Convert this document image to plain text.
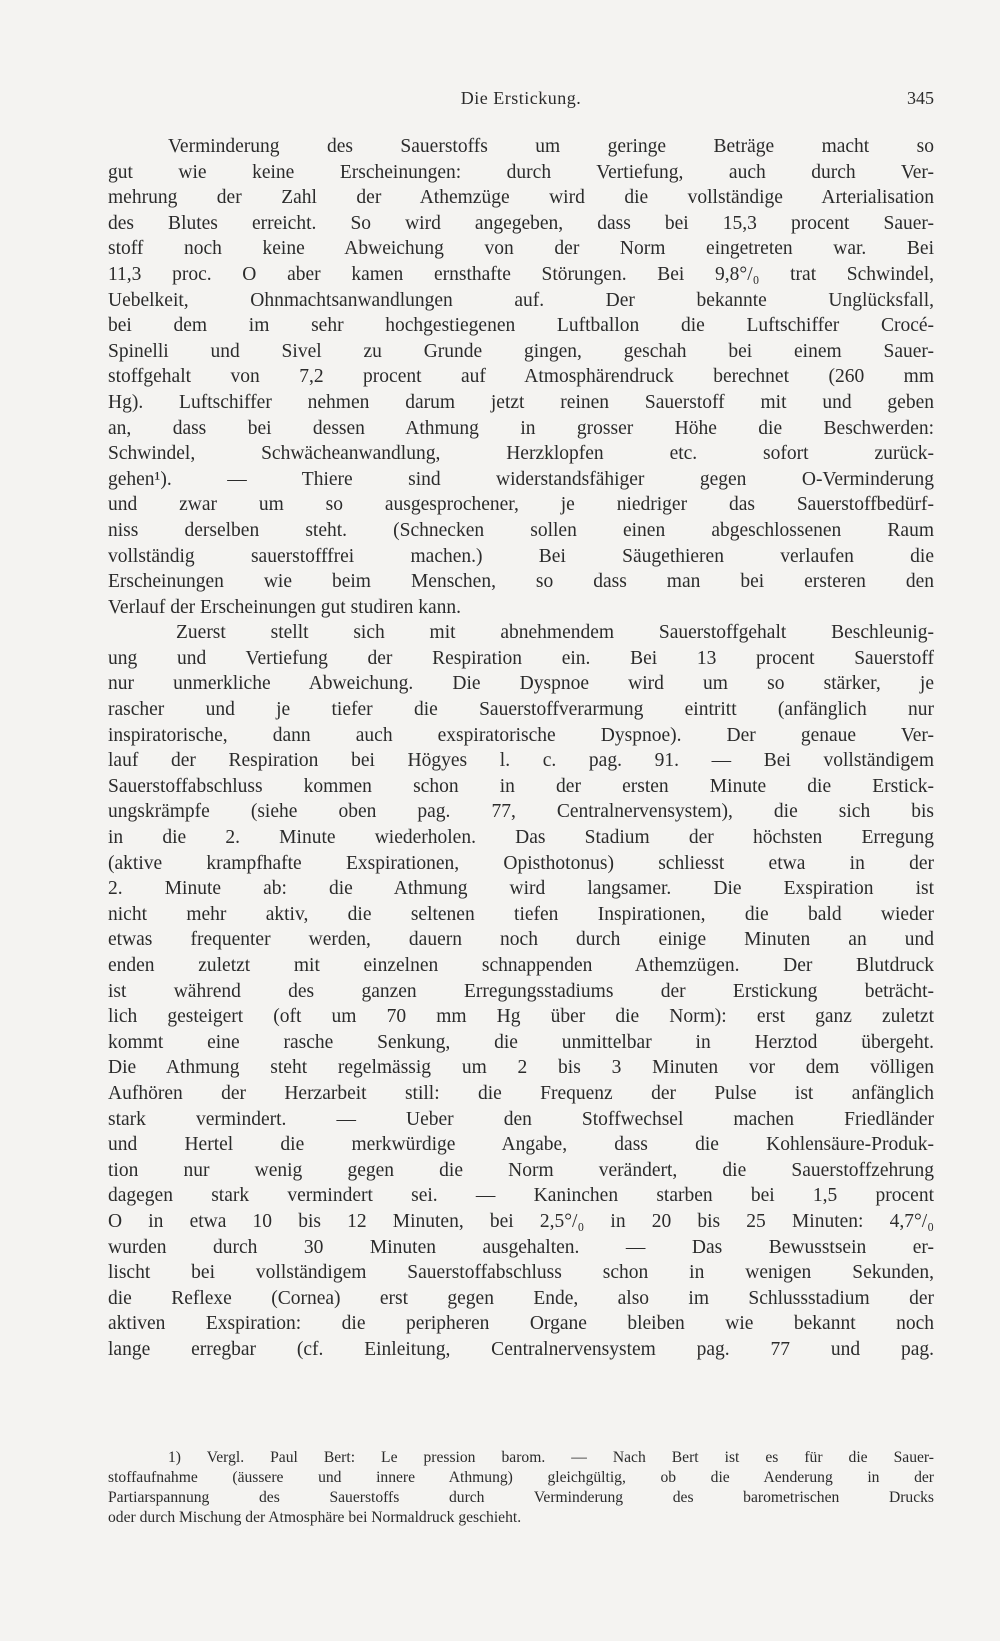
Die Erstickung.	345
Verminderung des Sauerstoffs um geringe Beträge macht so
gut wie keine Erscheinungen: durch Vertiefung, auch durch Ver-
mehrung der Zahl der Athemzüge wird die vollständige Arterialisation
des Blutes erreicht. So wird angegeben, dass bei 15,3 procent Sauer-
stoff noch keine Abweichung von der Norm eingetreten war. Bei
11,3 proc. O aber kamen ernsthafte Störungen. Bei 9,8°/₀ trat Schwindel,
Uebelkeit, Ohnmachtsanwandlungen auf. Der bekannte Unglücksfall,
bei dem im sehr hochgestiegenen Luftballon die Luftschiffer Crocé-
Spinelli und Sivel zu Grunde gingen, geschah bei einem Sauer-
stoffgehalt von 7,2 procent auf Atmosphärendruck berechnet (260 mm
Hg). Luftschiffer nehmen darum jetzt reinen Sauerstoff mit und geben
an, dass bei dessen Athmung in grosser Höhe die Beschwerden:
Schwindel, Schwächeanwandlung, Herzklopfen etc. sofort zurück-
gehen¹). — Thiere sind widerstandsfähiger gegen O-Verminderung
und zwar um so ausgesprochener, je niedriger das Sauerstoffbedürf-
niss derselben steht. (Schnecken sollen einen abgeschlossenen Raum
vollständig sauerstofffrei machen.) Bei Säugethieren verlaufen die
Erscheinungen wie beim Menschen, so dass man bei ersteren den
Verlauf der Erscheinungen gut studiren kann.
Zuerst stellt sich mit abnehmendem Sauerstoffgehalt Beschleunig-
ung und Vertiefung der Respiration ein. Bei 13 procent Sauerstoff
nur unmerkliche Abweichung. Die Dyspnoe wird um so stärker, je
rascher und je tiefer die Sauerstoffverarmung eintritt (anfänglich nur
inspiratorische, dann auch exspiratorische Dyspnoe). Der genaue Ver-
lauf der Respiration bei Högyes l. c. pag. 91. — Bei vollständigem
Sauerstoffabschluss kommen schon in der ersten Minute die Erstick-
ungskrämpfe (siehe oben pag. 77, Centralnervensystem), die sich bis
in die 2. Minute wiederholen. Das Stadium der höchsten Erregung
(aktive krampfhafte Exspirationen, Opisthotonus) schliesst etwa in der
2. Minute ab: die Athmung wird langsamer. Die Exspiration ist
nicht mehr aktiv, die seltenen tiefen Inspirationen, die bald wieder
etwas frequenter werden, dauern noch durch einige Minuten an und
enden zuletzt mit einzelnen schnappenden Athemzügen. Der Blutdruck
ist während des ganzen Erregungsstadiums der Erstickung beträcht-
lich gesteigert (oft um 70 mm Hg über die Norm): erst ganz zuletzt
kommt eine rasche Senkung, die unmittelbar in Herztod übergeht.
Die Athmung steht regelmässig um 2 bis 3 Minuten vor dem völligen
Aufhören der Herzarbeit still: die Frequenz der Pulse ist anfänglich
stark vermindert. — Ueber den Stoffwechsel machen Friedländer
und Hertel die merkwürdige Angabe, dass die Kohlensäure-Produk-
tion nur wenig gegen die Norm verändert, die Sauerstoffzehrung
dagegen stark vermindert sei. — Kaninchen starben bei 1,5 procent
O in etwa 10 bis 12 Minuten, bei 2,5°/₀ in 20 bis 25 Minuten: 4,7°/₀
wurden durch 30 Minuten ausgehalten. — Das Bewusstsein er-
lischt bei vollständigem Sauerstoffabschluss schon in wenigen Sekunden,
die Reflexe (Cornea) erst gegen Ende, also im Schlussstadium der
aktiven Exspiration: die peripheren Organe bleiben wie bekannt noch
lange erregbar (cf. Einleitung, Centralnervensystem pag. 77 und pag.
1) Vergl. Paul Bert: Le pression barom. — Nach Bert ist es für die Sauer-
stoffaufnahme (äussere und innere Athmung) gleichgültig, ob die Aenderung in der
Partiarspannung des Sauerstoffs durch Verminderung des barometrischen Drucks
oder durch Mischung der Atmosphäre bei Normaldruck geschieht.
